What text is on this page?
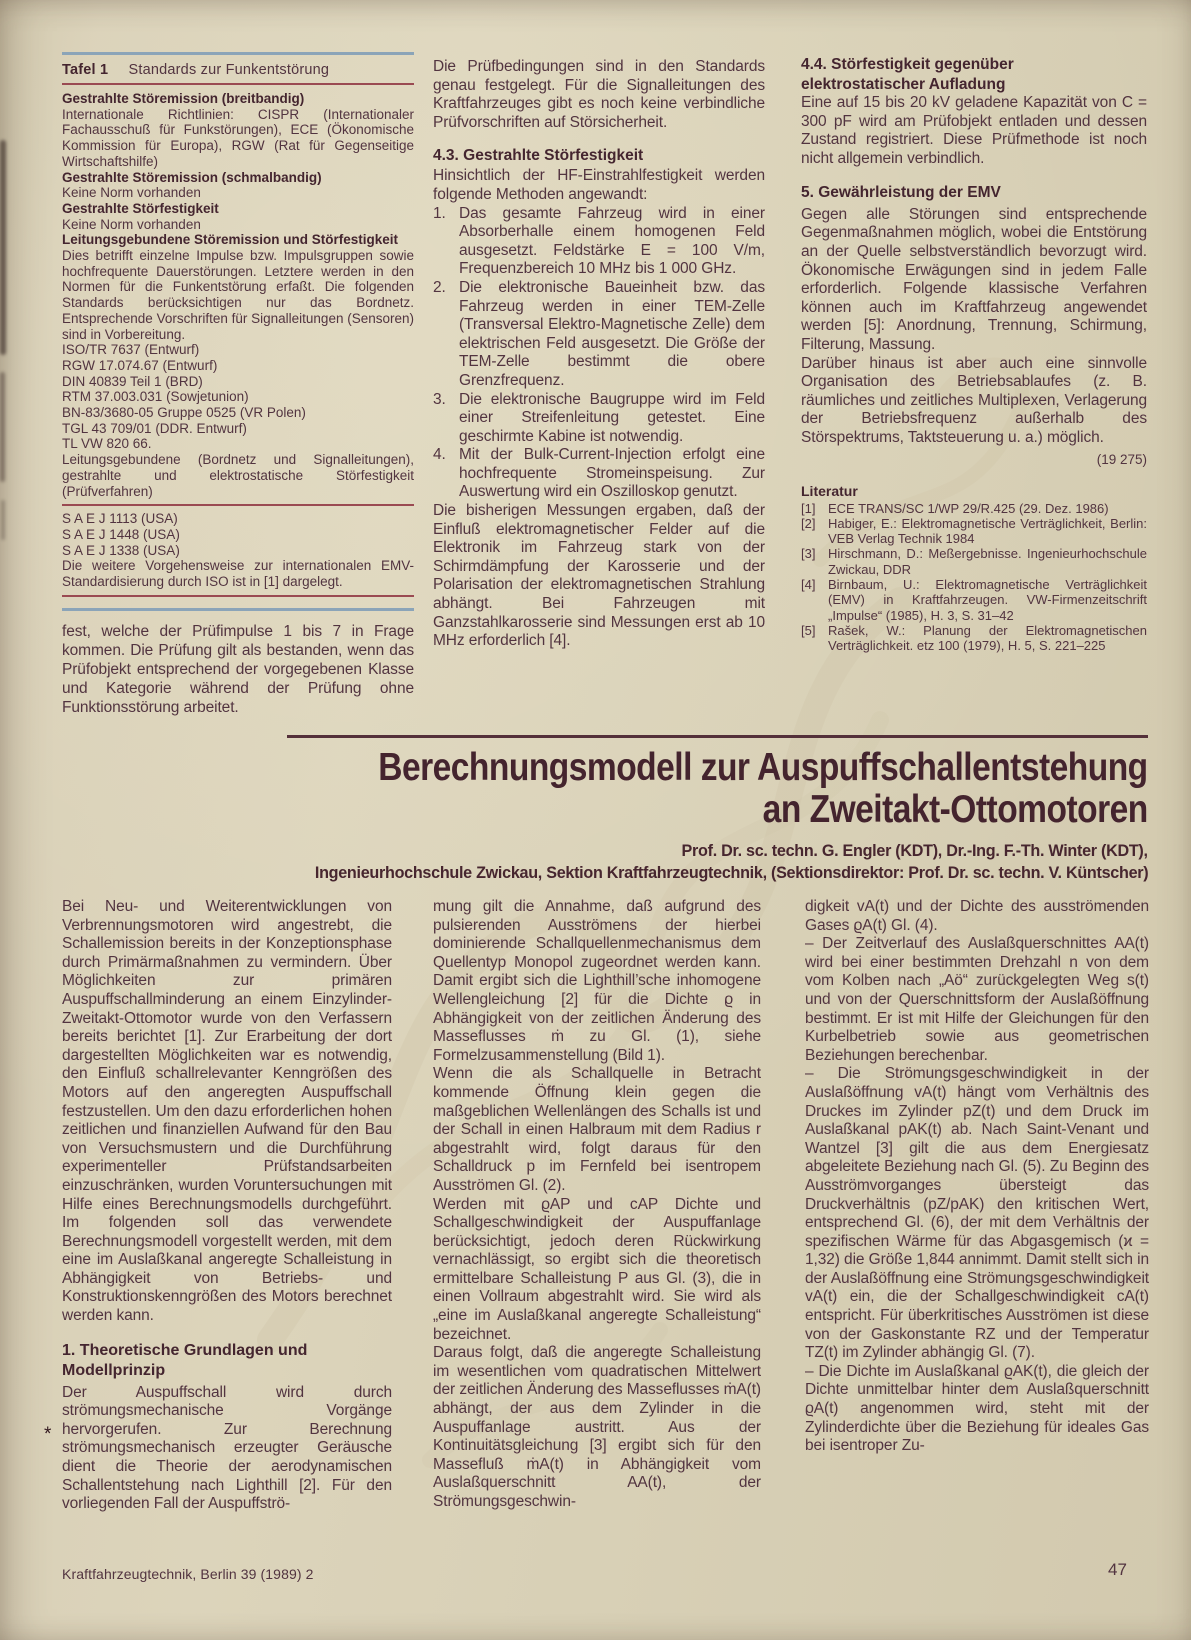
Tafel 1 Standards zur Funkentstörung
Gestrahlte Störemission (breitbandig)
Internationale Richtlinien: CISPR (Internationaler Fachausschuß für Funkstörungen), ECE (Ökonomische Kommission für Europa), RGW (Rat für Gegenseitige Wirtschaftshilfe)
Gestrahlte Störemission (schmalbandig)
Keine Norm vorhanden
Gestrahlte Störfestigkeit
Keine Norm vorhanden
Leitungsgebundene Störemission und Störfestigkeit
Dies betrifft einzelne Impulse bzw. Impulsgruppen sowie hochfrequente Dauerstörungen. Letztere werden in den Normen für die Funkentstörung erfaßt. Die folgenden Standards berücksichtigen nur das Bordnetz. Entsprechende Vorschriften für Signalleitungen (Sensoren) sind in Vorbereitung.
ISO/TR 7637 (Entwurf)
RGW 17.074.67 (Entwurf)
DIN 40839 Teil 1 (BRD)
RTM 37.003.031 (Sowjetunion)
BN-83/3680-05 Gruppe 0525 (VR Polen)
TGL 43 709/01 (DDR. Entwurf)
TL VW 820 66.
Leitungsgebundene (Bordnetz und Signalleitungen), gestrahlte und elektrostatische Störfestigkeit (Prüfverfahren)
S A E J 1113 (USA)
S A E J 1448 (USA)
S A E J 1338 (USA)
Die weitere Vorgehensweise zur internationalen EMV-Standardisierung durch ISO ist in [1] dargelegt.

fest, welche der Prüfimpulse 1 bis 7 in Frage kommen. Die Prüfung gilt als bestanden, wenn das Prüfobjekt entsprechend der vorgegebenen Klasse und Kategorie während der Prüfung ohne Funktionsstörung arbeitet.

Die Prüfbedingungen sind in den Standards genau festgelegt. Für die Signalleitungen des Kraftfahrzeuges gibt es noch keine verbindliche Prüfvorschriften auf Störsicherheit.
4.3. Gestrahlte Störfestigkeit
Hinsichtlich der HF-Einstrahlfestigkeit werden folgende Methoden angewandt:
1. Das gesamte Fahrzeug wird in einer Absorberhalle einem homogenen Feld ausgesetzt. Feldstärke E = 100 V/m, Frequenzbereich 10 MHz bis 1 000 GHz.
2. Die elektronische Baueinheit bzw. das Fahrzeug werden in einer TEM-Zelle (Transversal Elektro-Magnetische Zelle) dem elektrischen Feld ausgesetzt. Die Größe der TEM-Zelle bestimmt die obere Grenzfrequenz.
3. Die elektronische Baugruppe wird im Feld einer Streifenleitung getestet. Eine geschirmte Kabine ist notwendig.
4. Mit der Bulk-Current-Injection erfolgt eine hochfrequente Stromeinspeisung. Zur Auswertung wird ein Oszilloskop genutzt.
Die bisherigen Messungen ergaben, daß der Einfluß elektromagnetischer Felder auf die Elektronik im Fahrzeug stark von der Schirmdämpfung der Karosserie und der Polarisation der elektromagnetischen Strahlung abhängt. Bei Fahrzeugen mit Ganzstahlkarosserie sind Messungen erst ab 10 MHz erforderlich [4].
4.4. Störfestigkeit gegenüber
elektrostatischer Aufladung
Eine auf 15 bis 20 kV geladene Kapazität von C = 300 pF wird am Prüfobjekt entladen und dessen Zustand registriert. Diese Prüfmethode ist noch nicht allgemein verbindlich.
5. Gewährleistung der EMV
Gegen alle Störungen sind entsprechende Gegenmaßnahmen möglich, wobei die Entstörung an der Quelle selbstverständlich bevorzugt wird. Ökonomische Erwägungen sind in jedem Falle erforderlich. Folgende klassische Verfahren können auch im Kraftfahrzeug angewendet werden [5]: Anordnung, Trennung, Schirmung, Filterung, Massung.
Darüber hinaus ist aber auch eine sinnvolle Organisation des Betriebsablaufes (z. B. räumliches und zeitliches Multiplexen, Verlagerung der Betriebsfrequenz außerhalb des Störspektrums, Taktsteuerung u. a.) möglich.
(19 275)
Literatur
[1] ECE TRANS/SC 1/WP 29/R.425 (29. Dez. 1986)
[2] Habiger, E.: Elektromagnetische Verträglichkeit, Berlin: VEB Verlag Technik 1984
[3] Hirschmann, D.: Meßergebnisse. Ingenieurhochschule Zwickau, DDR
[4] Birnbaum, U.: Elektromagnetische Verträglichkeit (EMV) in Kraftfahrzeugen. VW-Firmenzeitschrift „Impulse“ (1985), H. 3, S. 31–42
[5] Rašek, W.: Planung der Elektromagnetischen Verträglichkeit. etz 100 (1979), H. 5, S. 221–225
Berechnungsmodell zur Auspuffschallentstehung
an Zweitakt-Ottomotoren
Prof. Dr. sc. techn. G. Engler (KDT), Dr.-Ing. F.-Th. Winter (KDT),
Ingenieurhochschule Zwickau, Sektion Kraftfahrzeugtechnik, (Sektionsdirektor: Prof. Dr. sc. techn. V. Küntscher)
Bei Neu- und Weiterentwicklungen von Verbrennungsmotoren wird angestrebt, die Schallemission bereits in der Konzeptionsphase durch Primärmaßnahmen zu vermindern. Über Möglichkeiten zur primären Auspuffschallminderung an einem Einzylinder-Zweitakt-Ottomotor wurde von den Verfassern bereits berichtet [1]. Zur Erarbeitung der dort dargestellten Möglichkeiten war es notwendig, den Einfluß schallrelevanter Kenngrößen des Motors auf den angeregten Auspuffschall festzustellen. Um den dazu erforderlichen hohen zeitlichen und finanziellen Aufwand für den Bau von Versuchsmustern und die Durchführung experimenteller Prüfstandsarbeiten einzuschränken, wurden Voruntersuchungen mit Hilfe eines Berechnungsmodells durchgeführt. Im folgenden soll das verwendete Berechnungsmodell vorgestellt werden, mit dem eine im Auslaßkanal angeregte Schalleistung in Abhängigkeit von Betriebs- und Konstruktionskenngrößen des Motors berechnet werden kann.
1. Theoretische Grundlagen und
Modellprinzip
Der Auspuffschall wird durch strömungsmechanische Vorgänge hervorgerufen. Zur Berechnung strömungsmechanisch erzeugter Geräusche dient die Theorie der aerodynamischen Schallentstehung nach Lighthill [2]. Für den vorliegenden Fall der Auspuffströ-
*
mung gilt die Annahme, daß aufgrund des pulsierenden Ausströmens der hierbei dominierende Schallquellenmechanismus dem Quellentyp Monopol zugeordnet werden kann. Damit ergibt sich die Lighthill’sche inhomogene Wellengleichung [2] für die Dichte ϱ in Abhängigkeit von der zeitlichen Änderung des Masseflusses ṁ zu Gl. (1), siehe Formelzusammenstellung (Bild 1).
Wenn die als Schallquelle in Betracht kommende Öffnung klein gegen die maßgeblichen Wellenlängen des Schalls ist und der Schall in einen Halbraum mit dem Radius r abgestrahlt wird, folgt daraus für den Schalldruck p im Fernfeld bei isentropem Ausströmen Gl. (2).
Werden mit ϱAP und cAP Dichte und Schallgeschwindigkeit der Auspuffanlage berücksichtigt, jedoch deren Rückwirkung vernachlässigt, so ergibt sich die theoretisch ermittelbare Schalleistung P aus Gl. (3), die in einen Vollraum abgestrahlt wird. Sie wird als „eine im Auslaßkanal angeregte Schalleistung“ bezeichnet.
Daraus folgt, daß die angeregte Schalleistung im wesentlichen vom quadratischen Mittelwert der zeitlichen Änderung des Masseflusses ṁA(t) abhängt, der aus dem Zylinder in die Auspuffanlage austritt. Aus der Kontinuitätsgleichung [3] ergibt sich für den Massefluß ṁA(t) in Abhängigkeit vom Auslaßquerschnitt AA(t), der Strömungsgeschwin-
digkeit vA(t) und der Dichte des ausströmenden Gases ϱA(t) Gl. (4).
– Der Zeitverlauf des Auslaßquerschnittes AA(t) wird bei einer bestimmten Drehzahl n von dem vom Kolben nach „Aö“ zurückgelegten Weg s(t) und von der Querschnittsform der Auslaßöffnung bestimmt. Er ist mit Hilfe der Gleichungen für den Kurbelbetrieb sowie aus geometrischen Beziehungen berechenbar.
– Die Strömungsgeschwindigkeit in der Auslaßöffnung vA(t) hängt vom Verhältnis des Druckes im Zylinder pZ(t) und dem Druck im Auslaßkanal pAK(t) ab. Nach Saint-Venant und Wantzel [3] gilt die aus dem Energiesatz abgeleitete Beziehung nach Gl. (5). Zu Beginn des Ausströmvorganges übersteigt das Druckverhältnis (pZ/pAK) den kritischen Wert, entsprechend Gl. (6), der mit dem Verhältnis der spezifischen Wärme für das Abgasgemisch (ϰ = 1,32) die Größe 1,844 annimmt. Damit stellt sich in der Auslaßöffnung eine Strömungsgeschwindigkeit vA(t) ein, die der Schallgeschwindigkeit cA(t) entspricht. Für überkritisches Ausströmen ist diese von der Gaskonstante RZ und der Temperatur TZ(t) im Zylinder abhängig Gl. (7).
– Die Dichte im Auslaßkanal ϱAK(t), die gleich der Dichte unmittelbar hinter dem Auslaßquerschnitt ϱA(t) angenommen wird, steht mit der Zylinderdichte über die Beziehung für ideales Gas bei isentroper Zu-
Kraftfahrzeugtechnik, Berlin 39 (1989) 2	47
